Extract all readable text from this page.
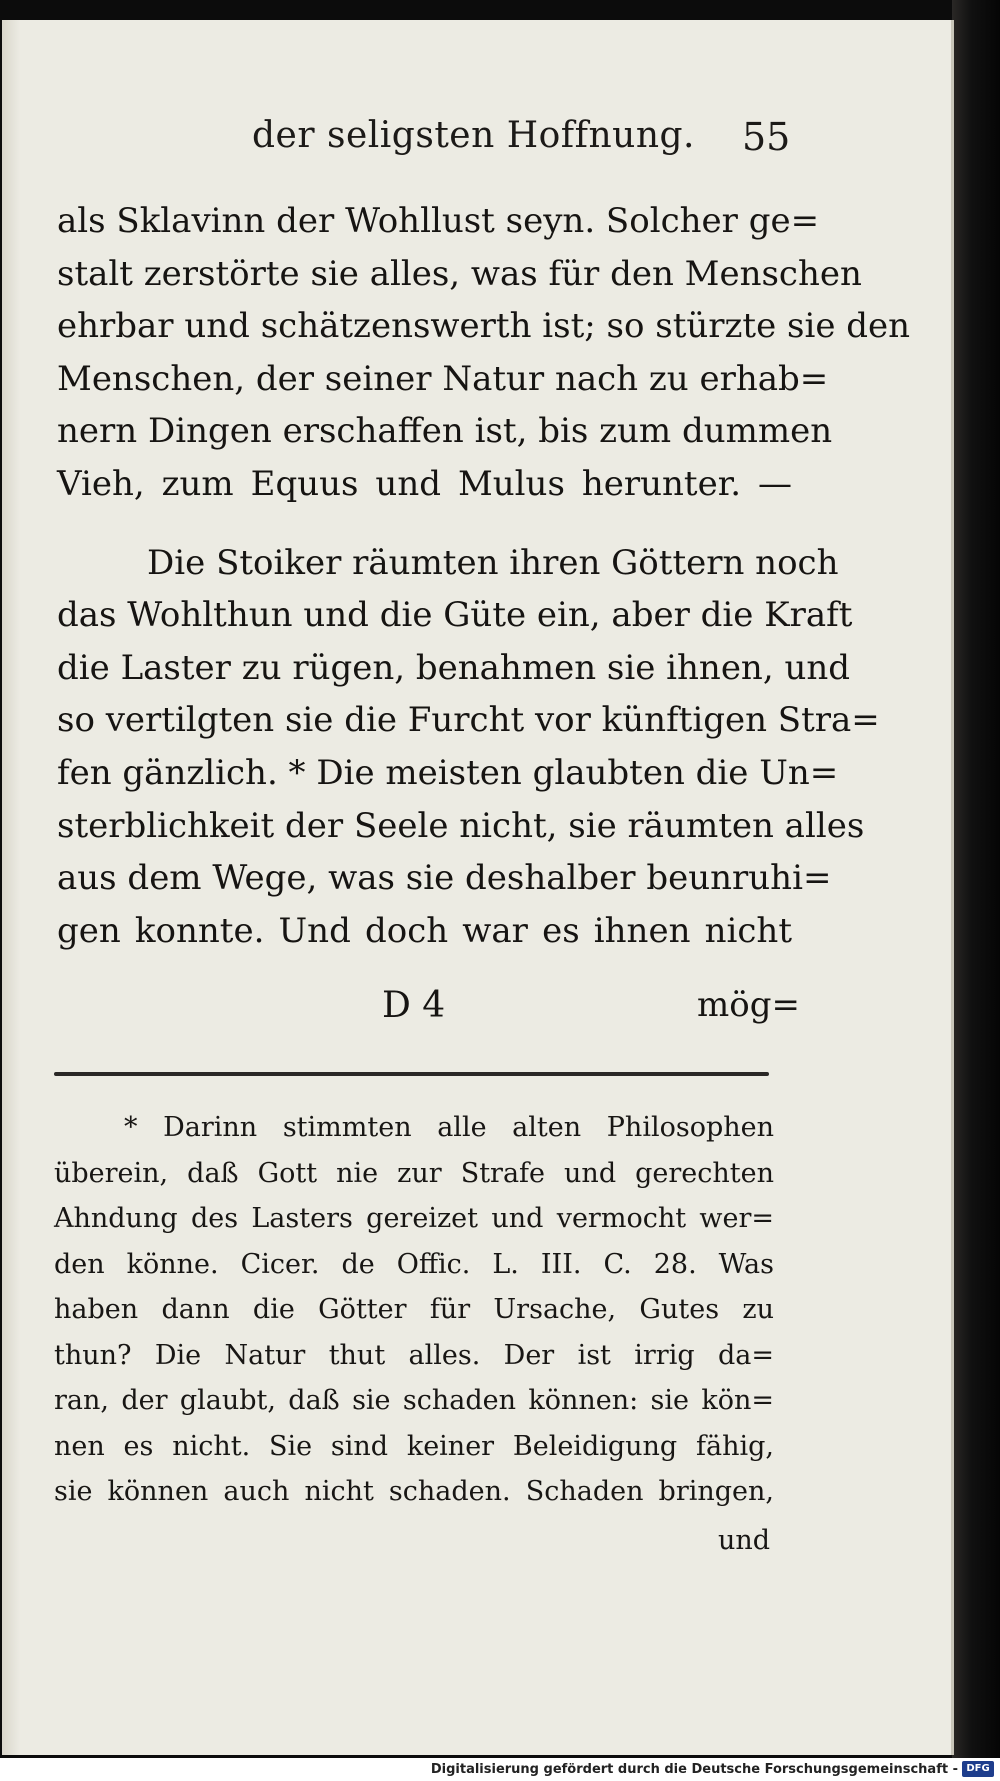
der seligsten Hoffnung. 55
als Sklavinn der Wohllust seyn. Solcher ge=
stalt zerstörte sie alles, was für den Menschen
ehrbar und schätzenswerth ist; so stürzte sie den
Menschen, der seiner Natur nach zu erhab=
nern Dingen erschaffen ist, bis zum dummen
Vieh, zum Equus und Mulus herunter. —
Die Stoiker räumten ihren Göttern noch
das Wohlthun und die Güte ein, aber die Kraft
die Laster zu rügen, benahmen sie ihnen, und
so vertilgten sie die Furcht vor künftigen Stra=
fen gänzlich. * Die meisten glaubten die Un=
sterblichkeit der Seele nicht, sie räumten alles
aus dem Wege, was sie deshalber beunruhi=
gen konnte. Und doch war es ihnen nicht
D 4	mög=
* Darinn stimmten alle alten Philosophen
überein, daß Gott nie zur Strafe und gerechten
Ahndung des Lasters gereizet und vermocht wer=
den könne. Cicer. de Offic. L. III. C. 28. Was
haben dann die Götter für Ursache, Gutes zu
thun? Die Natur thut alles. Der ist irrig da=
ran, der glaubt, daß sie schaden können: sie kön=
nen es nicht. Sie sind keiner Beleidigung fähig,
sie können auch nicht schaden. Schaden bringen,
und
Digitalisierung gefördert durch die Deutsche Forschungsgemeinschaft - DFG
